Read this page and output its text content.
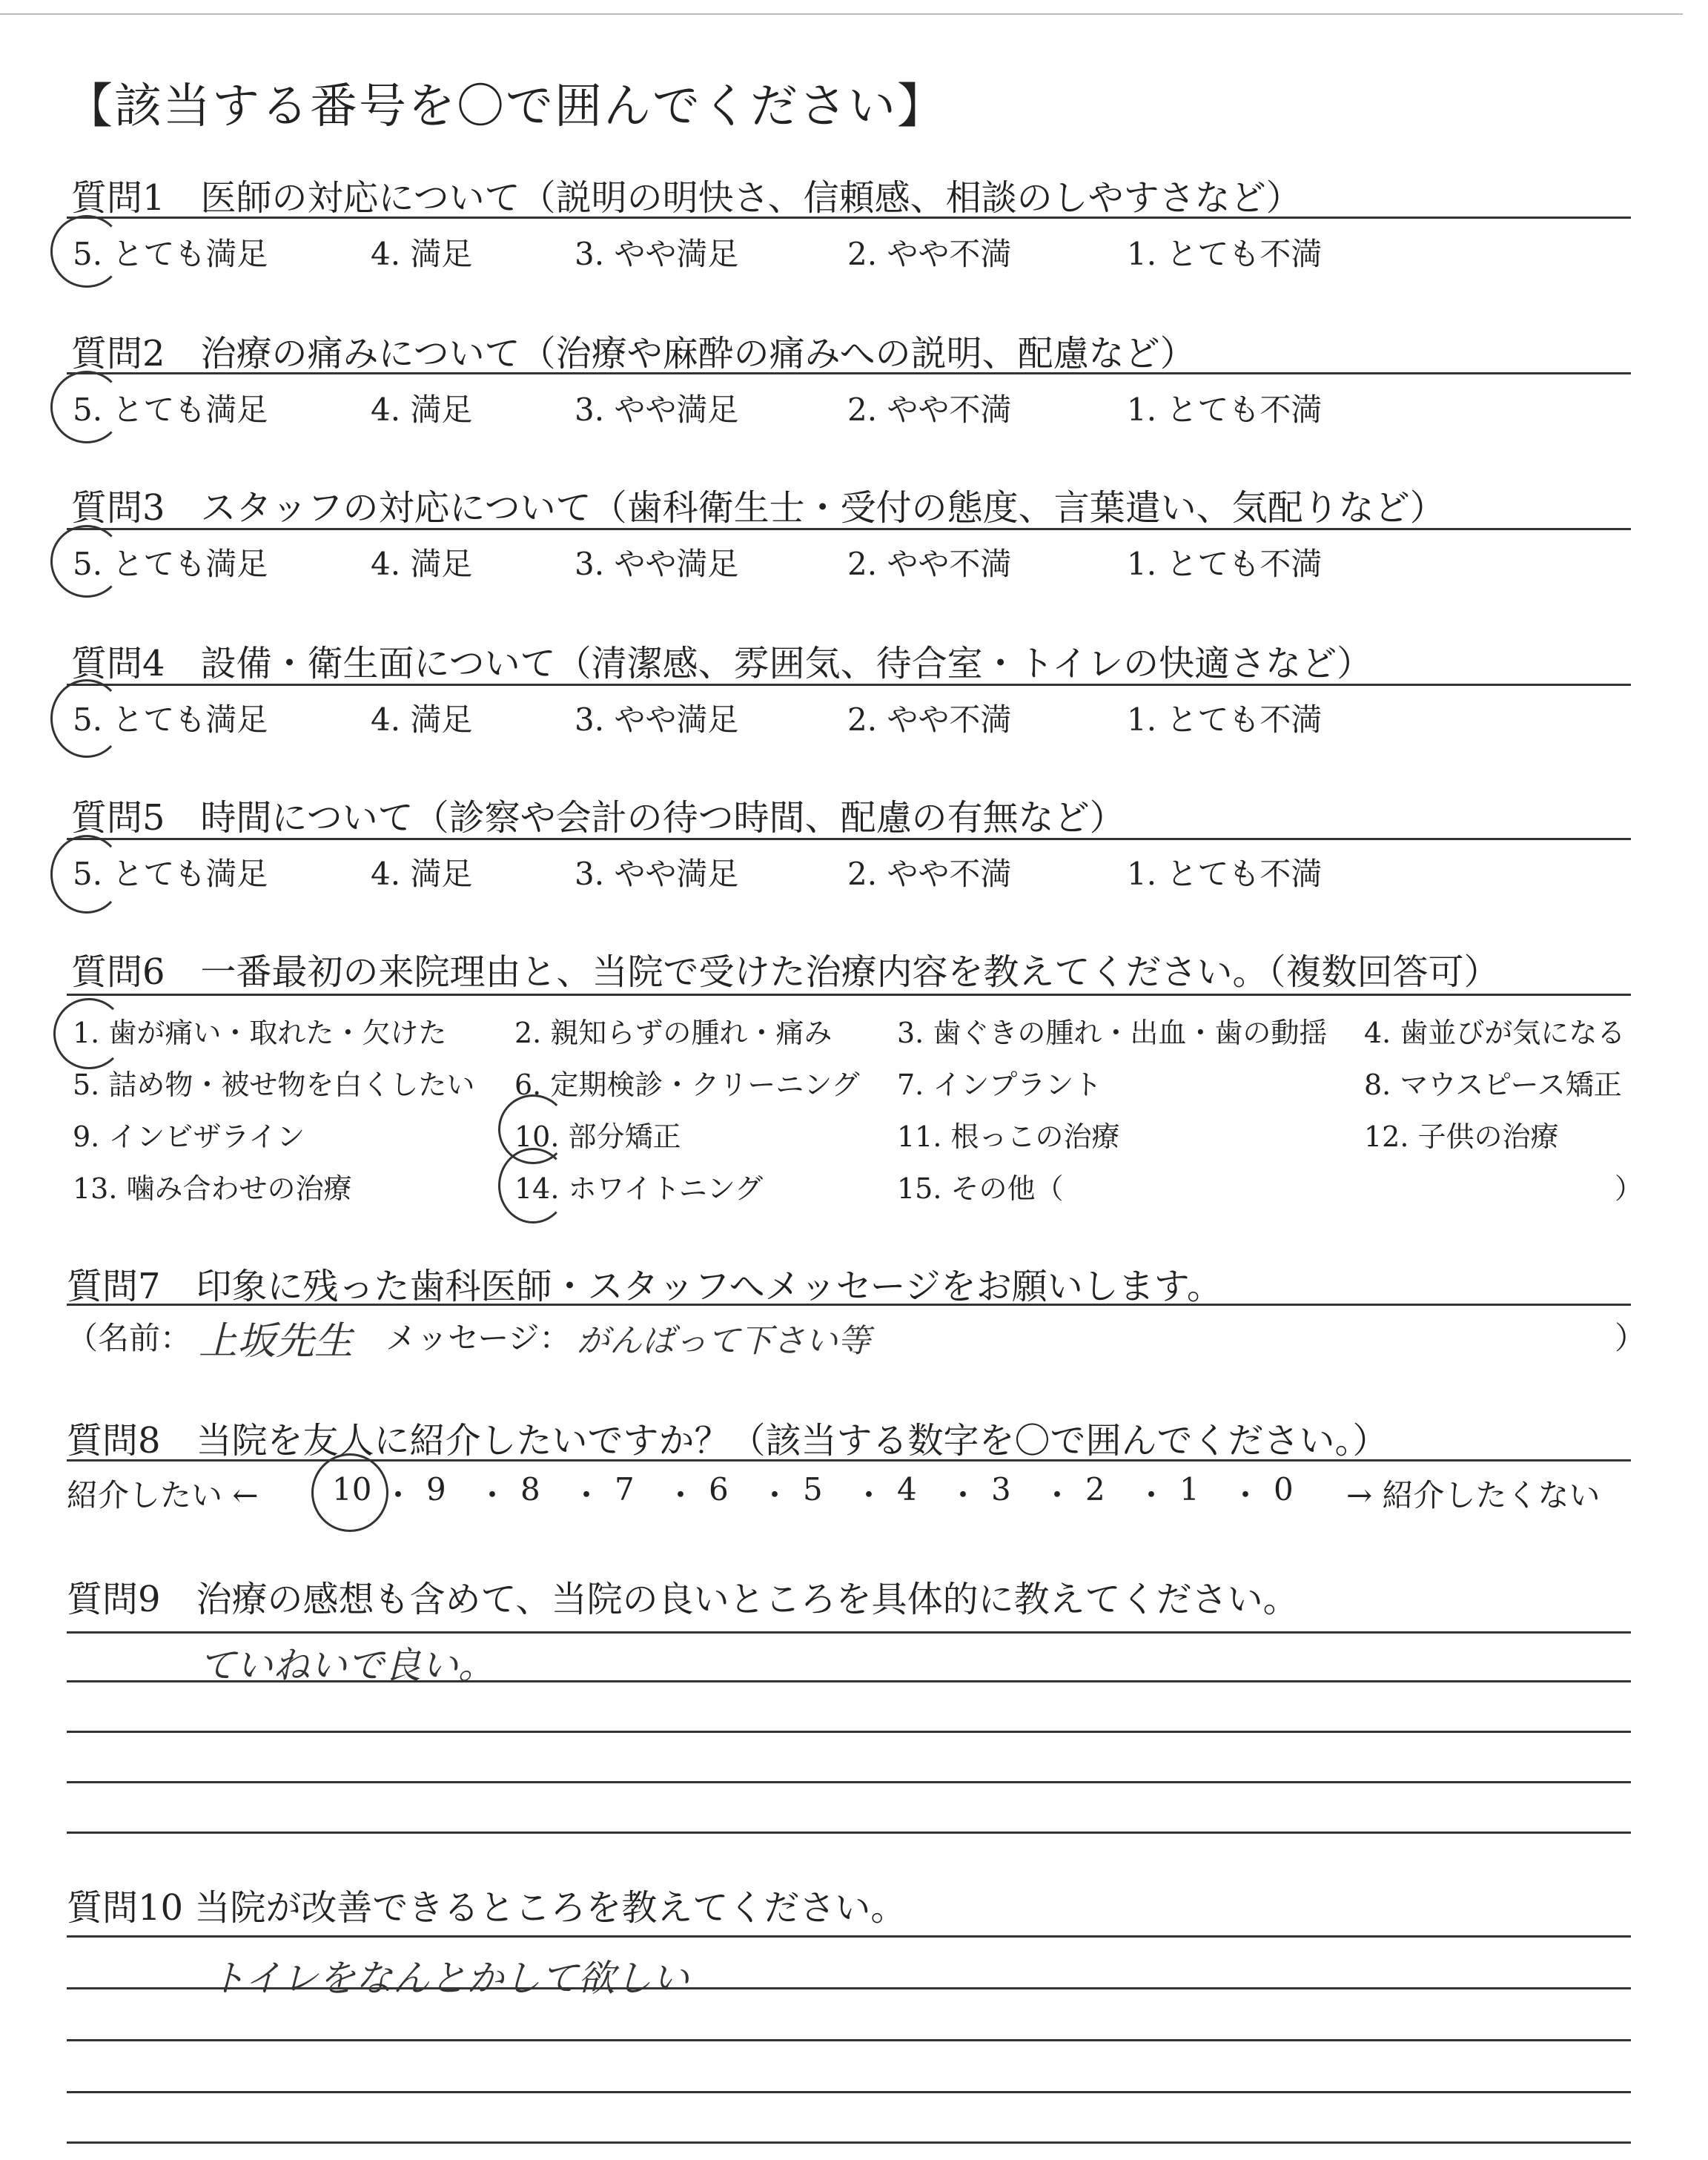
【該当する番号を〇で囲んでください】
質問1　医師の対応について（説明の明快さ、信頼感、相談のしやすさなど）
5. とても満足	4. 満足	3. やや満足	2. やや不満	1. とても不満
質問2　治療の痛みについて（治療や麻酔の痛みへの説明、配慮など）
5. とても満足	4. 満足	3. やや満足	2. やや不満	1. とても不満
質問3　スタッフの対応について（歯科衛生士・受付の態度、言葉遣い、気配りなど）
5. とても満足	4. 満足	3. やや満足	2. やや不満	1. とても不満
質問4　設備・衛生面について（清潔感、雰囲気、待合室・トイレの快適さなど）
5. とても満足	4. 満足	3. やや満足	2. やや不満	1. とても不満
質問5　時間について（診察や会計の待つ時間、配慮の有無など）
5. とても満足	4. 満足	3. やや満足	2. やや不満	1. とても不満
質問6　一番最初の来院理由と、当院で受けた治療内容を教えてください。（複数回答可）
1. 歯が痛い・取れた・欠けた 2. 親知らずの腫れ・痛み 3. 歯ぐきの腫れ・出血・歯の動揺 4. 歯並びが気になる
5. 詰め物・被せ物を白くしたい 6. 定期検診・クリーニング 7. インプラント	8. マウスピース矯正
9. インビザライン	10. 部分矯正	11. 根っこの治療	12. 子供の治療
13. 噛み合わせの治療	14. ホワイトニング	15. その他（	）
質問7　印象に残った歯科医師・スタッフへメッセージをお願いします。
（名前： 上坂先生 メッセージ： がんばって下さい等	）
質問8　当院を友人に紹介したいですか？（該当する数字を〇で囲んでください。）
紹介したい ←	→ 紹介したくない
10 ・ 9 ・ 8 ・ 7 ・ 6 ・ 5 ・ 4 ・ 3 ・ 2 ・ 1 ・ 0
質問9　治療の感想も含めて、当院の良いところを具体的に教えてください。
ていねいで良い。
質問10 当院が改善できるところを教えてください。
トイレをなんとかして欲しい
